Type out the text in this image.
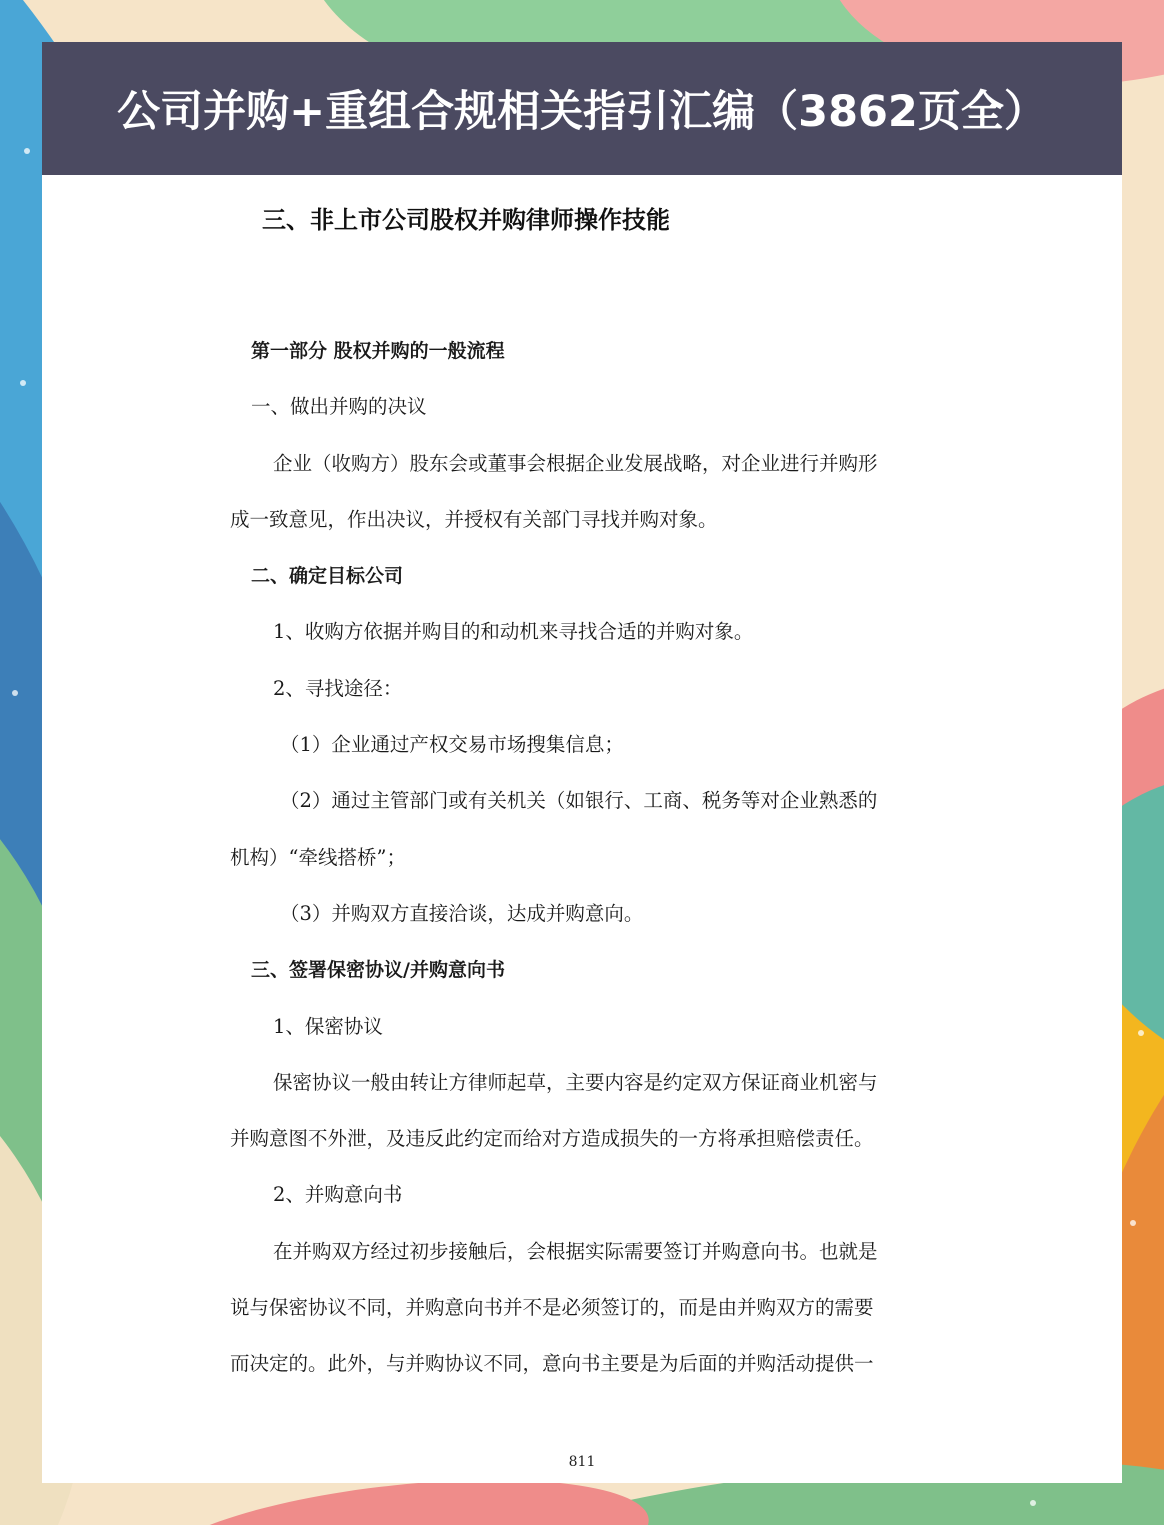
公司并购+重组合规相关指引汇编（3862页全）
三、非上市公司股权并购律师操作技能
第一部分 股权并购的一般流程
一、做出并购的决议
企业（收购方）股东会或董事会根据企业发展战略，对企业进行并购形
成一致意见，作出决议，并授权有关部门寻找并购对象。
二、确定目标公司
1、收购方依据并购目的和动机来寻找合适的并购对象。
2、寻找途径：
（1）企业通过产权交易市场搜集信息；
（2）通过主管部门或有关机关（如银行、工商、税务等对企业熟悉的
机构）“牵线搭桥”；
（3）并购双方直接洽谈，达成并购意向。
三、签署保密协议/并购意向书
1、保密协议
保密协议一般由转让方律师起草，主要内容是约定双方保证商业机密与
并购意图不外泄，及违反此约定而给对方造成损失的一方将承担赔偿责任。
2、并购意向书
在并购双方经过初步接触后，会根据实际需要签订并购意向书。也就是
说与保密协议不同，并购意向书并不是必须签订的，而是由并购双方的需要
而决定的。此外，与并购协议不同，意向书主要是为后面的并购活动提供一
811
